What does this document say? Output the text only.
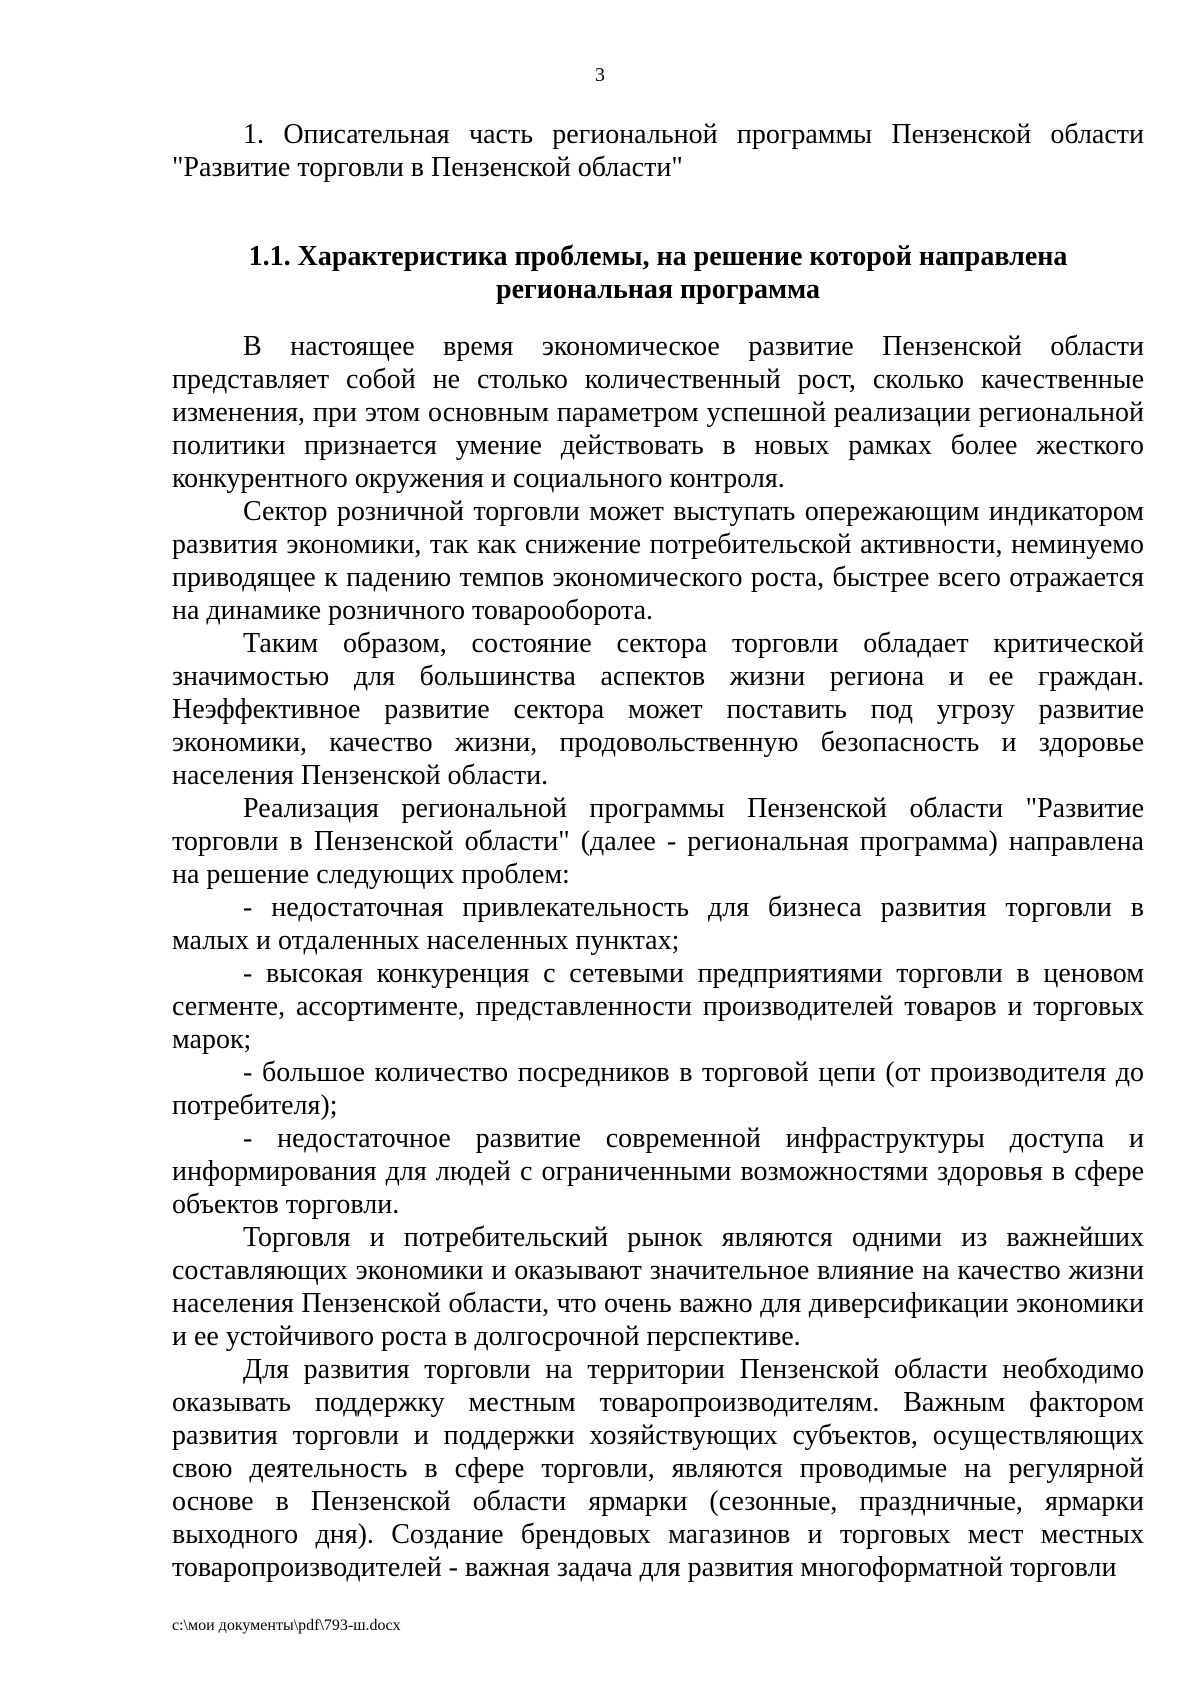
3

1. Описательная часть региональной программы Пензенской области "Развитие торговли в Пензенской области"

1.1. Характеристика проблемы, на решение которой направлена
региональная программа

В настоящее время экономическое развитие Пензенской области представляет собой не столько количественный рост, сколько качественные изменения, при этом основным параметром успешной реализации региональной политики признается умение действовать в новых рамках более жесткого конкурентного окружения и социального контроля.

Сектор розничной торговли может выступать опережающим индикатором развития экономики, так как снижение потребительской активности, неминуемо приводящее к падению темпов экономического роста, быстрее всего отражается на динамике розничного товарооборота.

Таким образом, состояние сектора торговли обладает критической значимостью для большинства аспектов жизни региона и ее граждан. Неэффективное развитие сектора может поставить под угрозу развитие экономики, качество жизни, продовольственную безопасность и здоровье населения Пензенской области.

Реализация региональной программы Пензенской области "Развитие торговли в Пензенской области" (далее - региональная программа) направлена на решение следующих проблем:

- недостаточная привлекательность для бизнеса развития торговли в малых и отдаленных населенных пунктах;

- высокая конкуренция с сетевыми предприятиями торговли в ценовом сегменте, ассортименте, представленности производителей товаров и торговых марок;

- большое количество посредников в торговой цепи (от производителя до потребителя);

- недостаточное развитие современной инфраструктуры доступа и информирования для людей с ограниченными возможностями здоровья в сфере объектов торговли.

Торговля и потребительский рынок являются одними из важнейших составляющих экономики и оказывают значительное влияние на качество жизни населения Пензенской области, что очень важно для диверсификации экономики и ее устойчивого роста в долгосрочной перспективе.

Для развития торговли на территории Пензенской области необходимо оказывать поддержку местным товаропроизводителям. Важным фактором развития торговли и поддержки хозяйствующих субъектов, осуществляющих свою деятельность в сфере торговли, являются проводимые на регулярной основе в Пензенской области ярмарки (сезонные, праздничные, ярмарки выходного дня). Создание брендовых магазинов и торговых мест местных товаропроизводителей - важная задача для развития многоформатной торговли

c:\мои документы\pdf\793-ш.docx
